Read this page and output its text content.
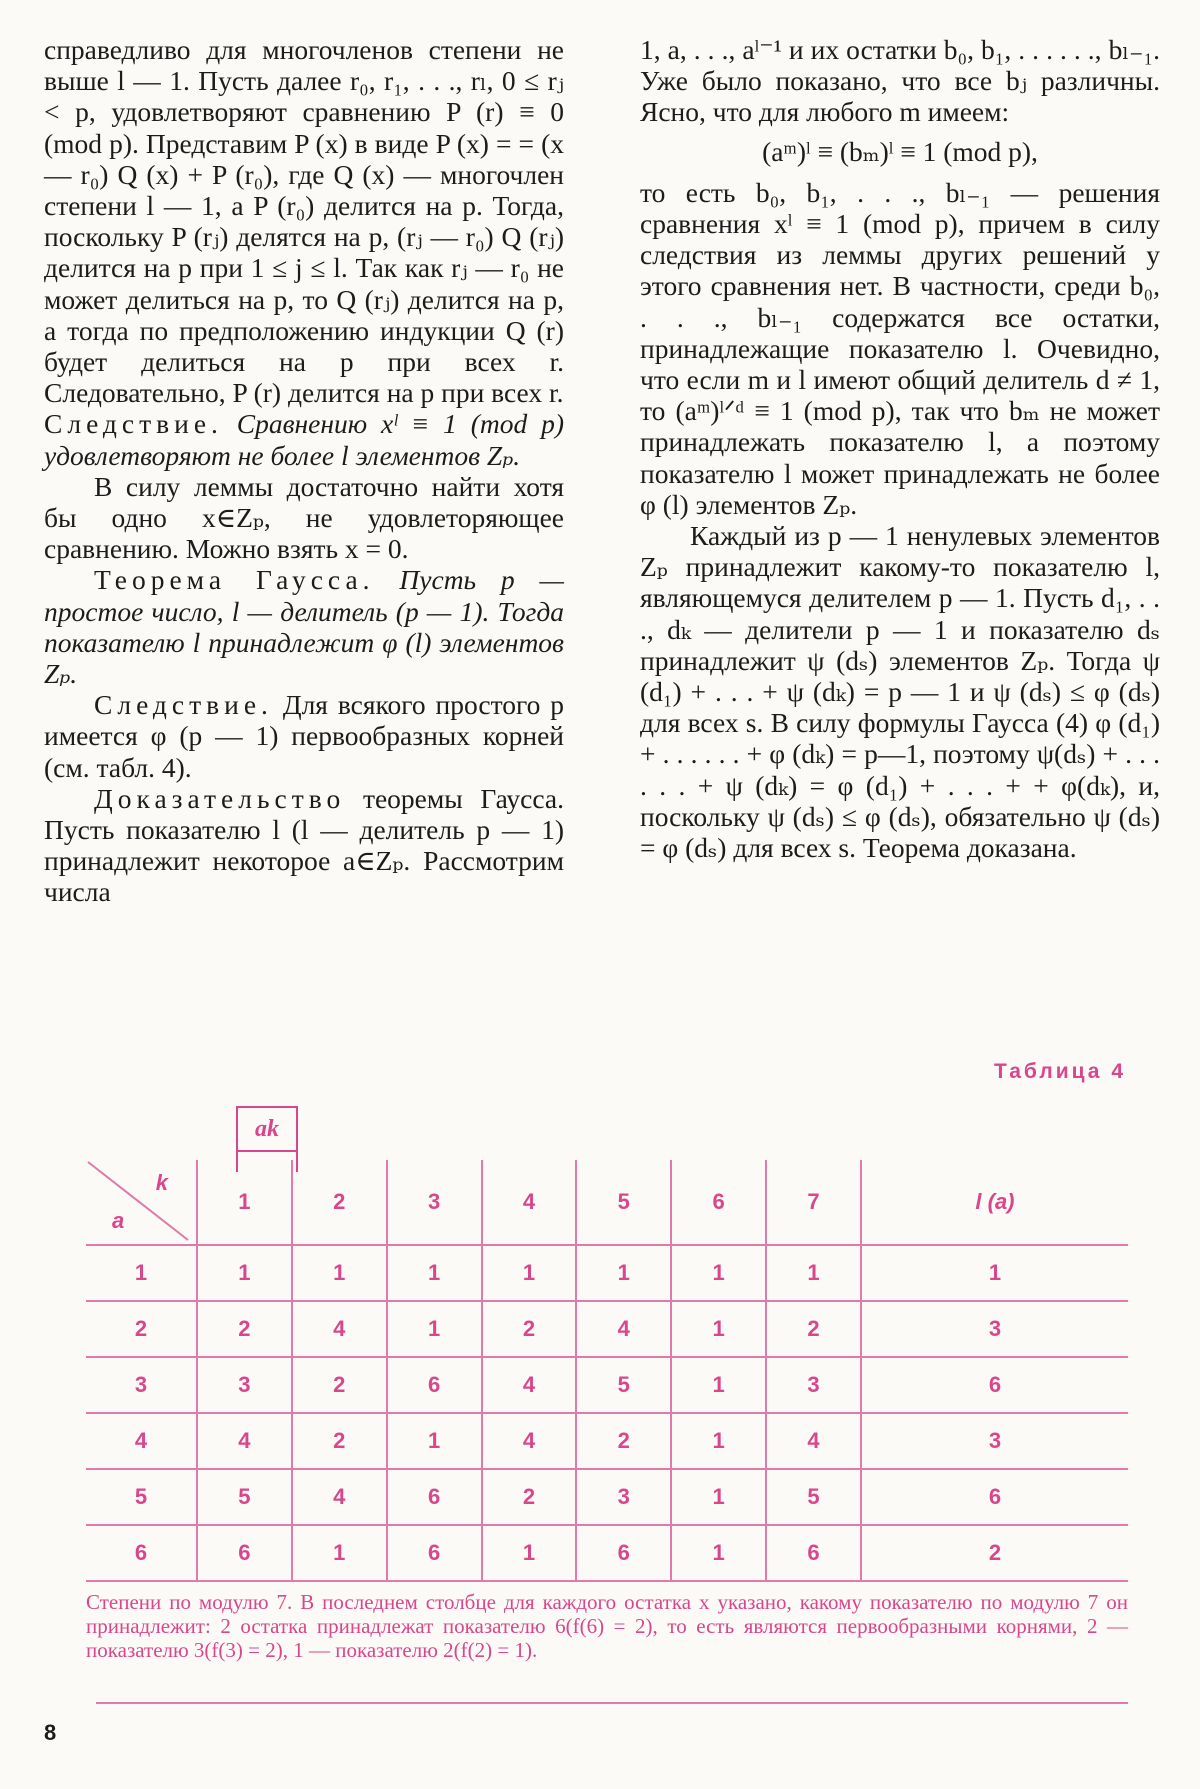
справедливо для многочленов степени не выше l — 1. Пусть далее r₀, r₁, . . ., rₗ, 0 ≤ rⱼ < p, удовлетворяют сравнению P (r) ≡ 0 (mod p). Представим P (x) в виде P (x) = = (x — r₀) Q (x) + P (r₀), где Q (x) — многочлен степени l — 1, а P (r₀) делится на p. Тогда, поскольку P (rⱼ) делятся на p, (rⱼ — r₀) Q (rⱼ) делится на p при 1 ≤ j ≤ l. Так как rⱼ — r₀ не может делиться на p, то Q (rⱼ) делится на p, а тогда по предположению индукции Q (r) будет делиться на p при всех r. Следовательно, P (r) делится на p при всех r.

Следствие. Сравнению xˡ ≡ 1 (mod p) удовлетворяют не более l элементов Zₚ.

В силу леммы достаточно найти хотя бы одно x∈Zₚ, не удовлеторяющее сравнению. Можно взять x = 0.

Теорема Гаусса. Пусть p — простое число, l — делитель (p — 1). Тогда показателю l принадлежит φ (l) элементов Zₚ.

Следствие. Для всякого простого p имеется φ (p — 1) первообразных корней (см. табл. 4).

Доказательство теоремы Гаусса. Пусть показателю l (l — делитель p — 1) принадлежит некоторое a∈Zₚ. Рассмотрим числа

1, a, . . ., aˡ⁻¹ и их остатки b₀, b₁, . . . . . ., bₗ₋₁. Уже было показано, что все bⱼ различны. Ясно, что для любого m имеем:

(aᵐ)ˡ ≡ (bₘ)ˡ ≡ 1 (mod p),

то есть b₀, b₁, . . ., bₗ₋₁ — решения сравнения xˡ ≡ 1 (mod p), причем в силу следствия из леммы других решений у этого сравнения нет. В частности, среди b₀, . . ., bₗ₋₁ содержатся все остатки, принадлежащие показателю l. Очевидно, что если m и l имеют общий делитель d ≠ 1, то (aᵐ)ˡᐟᵈ ≡ 1 (mod p), так что bₘ не может принадлежать показателю l, а поэтому показателю l может принадлежать не более φ (l) элементов Zₚ.

Каждый из p — 1 ненулевых элементов Zₚ принадлежит какому-то показателю l, являющемуся делителем p — 1. Пусть d₁, . . ., dₖ — делители p — 1 и показателю dₛ принадлежит ψ (dₛ) элементов Zₚ. Тогда ψ (d₁) + . . . + ψ (dₖ) = p — 1 и ψ (dₛ) ≤ φ (dₛ) для всех s. В силу формулы Гаусса (4) φ (d₁) + . . . . . . + φ (dₖ) = p—1, поэтому ψ(dₛ) + . . . . . . + ψ (dₖ) = φ (d₁) + . . . + + φ(dₖ), и, поскольку ψ (dₛ) ≤ φ (dₛ), обязательно ψ (dₛ) = φ (dₛ) для всех s. Теорема доказана.

Таблица 4
ak
k
a	1	2	3	4	5	6	7	l (a)
1	1	1	1	1	1	1	1	1
2	2	4	1	2	4	1	2	3
3	3	2	6	4	5	1	3	6
4	4	2	1	4	2	1	4	3
5	5	4	6	2	3	1	5	6
6	6	1	6	1	6	1	6	2

Степени по модулю 7. В последнем столбце для каждого остатка x указано, какому показателю по модулю 7 он принадлежит: 2 остатка принадлежат показателю 6(f(6) = 2), то есть являются первообразными корнями, 2 — показателю 3(f(3) = 2), 1 — показателю 2(f(2) = 1).

8
